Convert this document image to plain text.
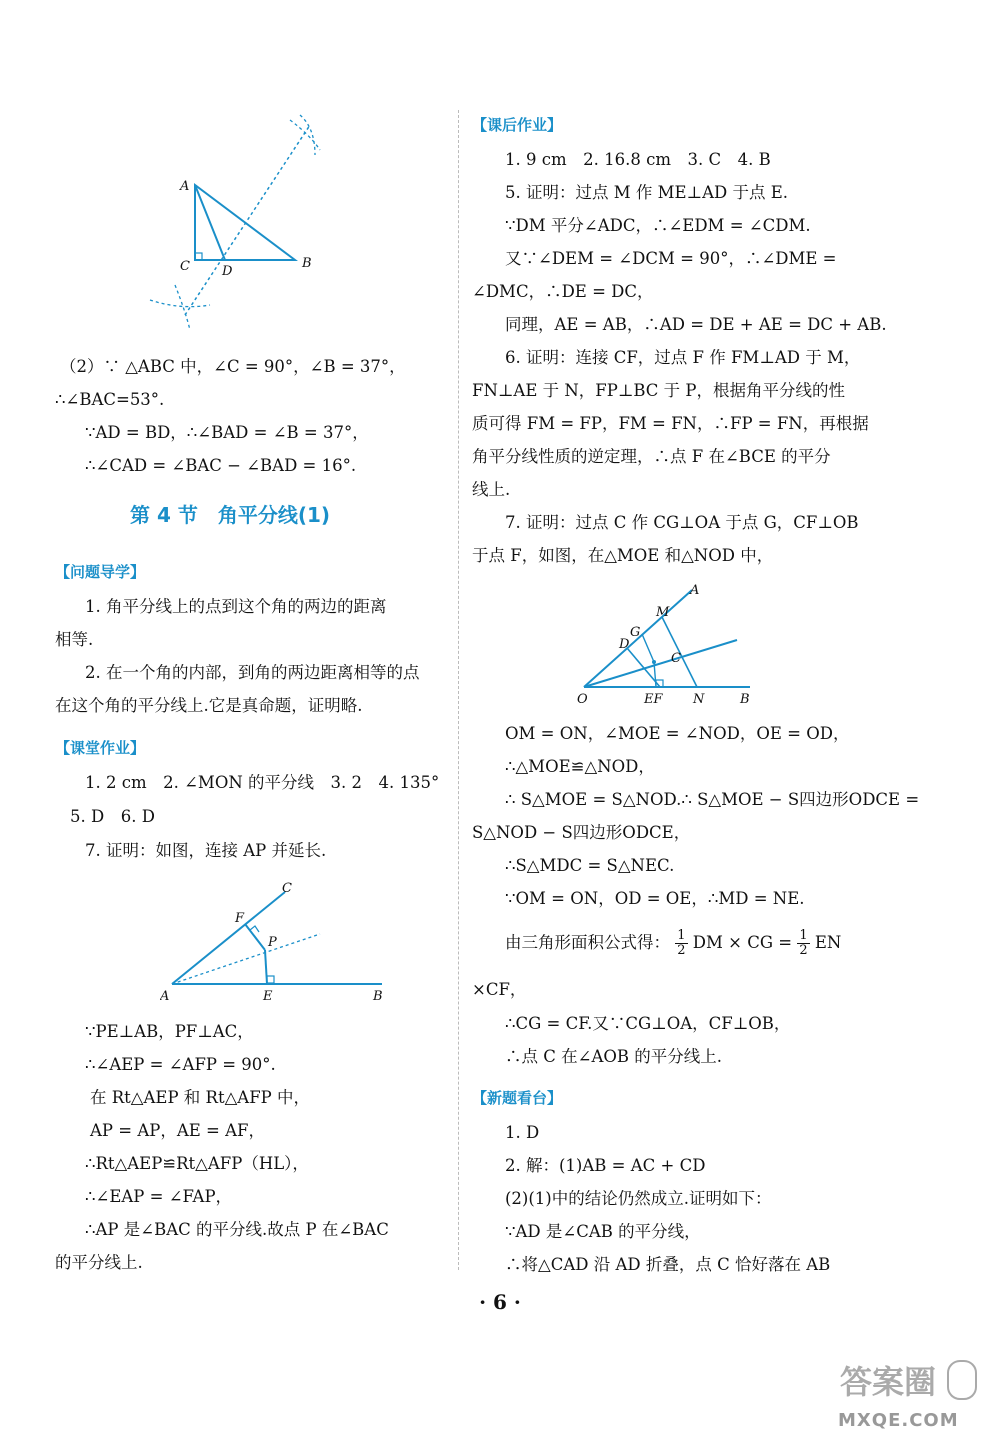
A
C D
B
（2）∵ △ABC 中，∠C = 90°，∠B = 37°，
∴∠BAC=53°.
∵AD = BD，∴∠BAD = ∠B = 37°，
∴∠CAD = ∠BAC − ∠BAD = 16°.
第 4 节　角平分线(1)
【问题导学】
1. 角平分线上的点到这个角的两边的距离
相等.
2. 在一个角的内部，到角的两边距离相等的点
在这个角的平分线上.它是真命题，证明略.
【课堂作业】
1. 2 cm　2. ∠MON 的平分线　3. 2　4. 135°
5. D　6. D
7. 证明：如图，连接 AP 并延长.
A	E	B
F
P
C
∵PE⊥AB，PF⊥AC，
∴∠AEP = ∠AFP = 90°.
在 Rt△AEP 和 Rt△AFP 中，
AP = AP，AE = AF，
∴Rt△AEP≌Rt△AFP（HL），
∴∠EAP = ∠FAP，
∴AP 是∠BAC 的平分线.故点 P 在∠BAC
的平分线上.
【课后作业】
1. 9 cm　2. 16.8 cm　3. C　4. B
5. 证明：过点 M 作 ME⊥AD 于点 E.
∵DM 平分∠ADC，∴∠EDM = ∠CDM.
又∵∠DEM = ∠DCM = 90°，∴∠DME =
∠DMC，∴DE = DC，
同理，AE = AB，∴AD = DE + AE = DC + AB.
6. 证明：连接 CF，过点 F 作 FM⊥AD 于 M，
FN⊥AE 于 N，FP⊥BC 于 P，根据角平分线的性
质可得 FM = FP，FM = FN，∴FP = FN，再根据
角平分线性质的逆定理，∴点 F 在∠BCE 的平分
线上.
7. 证明：过点 C 作 CG⊥OA 于点 G，CF⊥OB
于点 F，如图，在△MOE 和△NOD 中，
A
M
G
D
C
O	EF N	B
OM = ON，∠MOE = ∠NOD，OE = OD，
∴△MOE≌△NOD，
∴ S△MOE = S△NOD.∴ S△MOE − S四边形ODCE =
S△NOD − S四边形ODCE，
∴S△MDC = S△NEC.
∵OM = ON，OD = OE，∴MD = NE.
由三角形面积公式得： $\frac{1}{2}$ DM × CG = $\frac{1}{2}$ EN
×CF，
∴CG = CF.又∵CG⊥OA，CF⊥OB，
∴点 C 在∠AOB 的平分线上.
【新题看台】
1. D
2. 解：(1)AB = AC + CD
(2)(1)中的结论仍然成立.证明如下：
∵AD 是∠CAB 的平分线，
∴将△CAD 沿 AD 折叠，点 C 恰好落在 AB
· 6 ·
答案圈
MXQE.COM
